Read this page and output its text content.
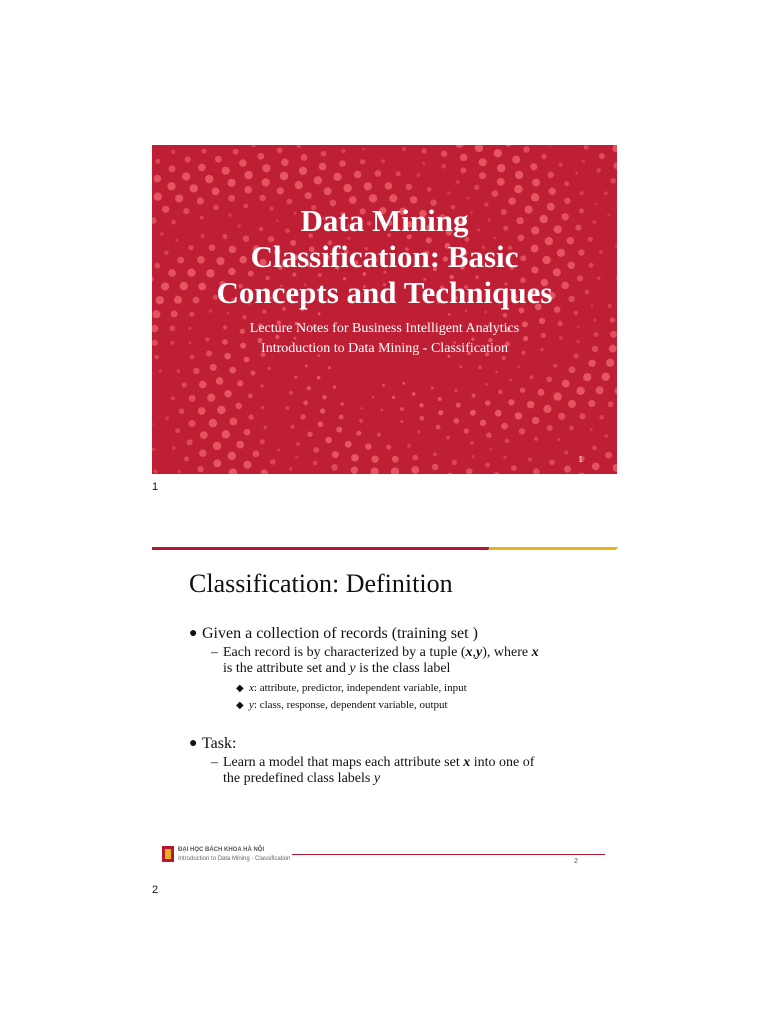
Data Mining
Classification: Basic
Concepts and Techniques
Lecture Notes for Business Intelligent Analytics
Introduction to Data Mining - Classification
1
1
Classification: Definition
● Given a collection of records (training set )
– Each record is by characterized by a tuple (x,y), where x
is the attribute set and y is the class label
◆ x: attribute, predictor, independent variable, input
◆ y: class, response, dependent variable, output
● Task:
– Learn a model that maps each attribute set x into one of
the predefined class labels y
ĐẠI HỌC BÁCH KHOA HÀ NỘI
Introduction to Data Mining - Classification	2
2
